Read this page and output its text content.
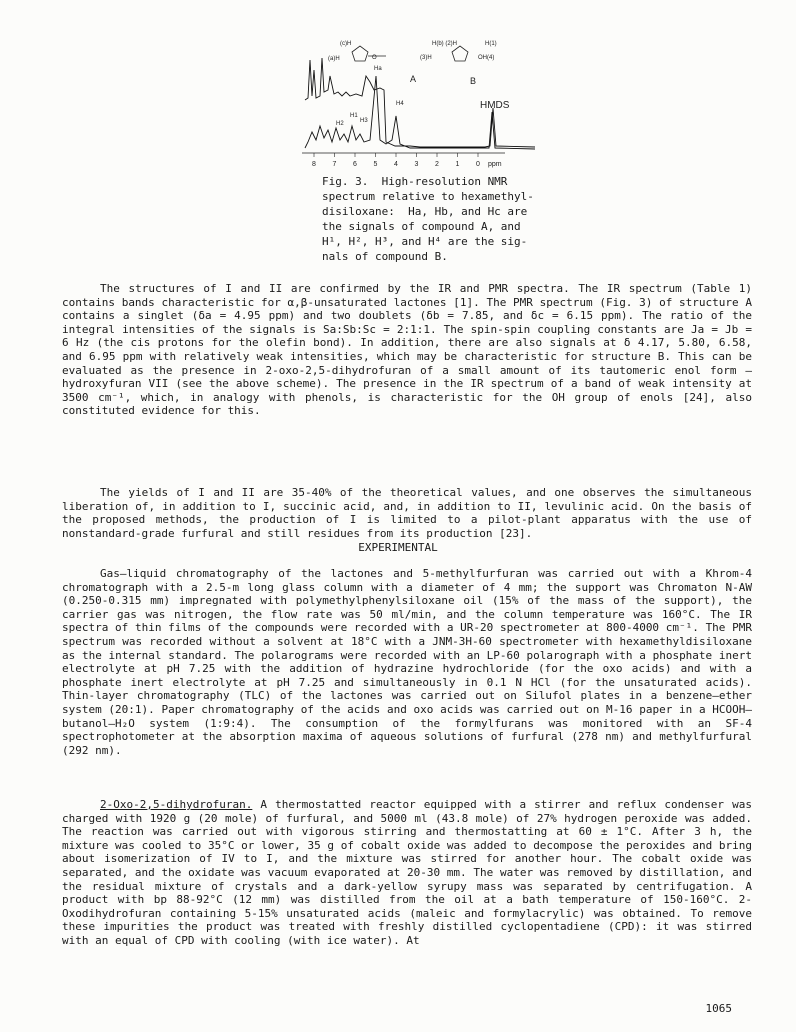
(c)H	H(b) (2)H	H(1)
(a)H	O	(3)H	OH(4)
A	B
Ha
H4
H1
H2	H3
HMDS
8 7 6 5 4 3 2 1 0 ppm
Fig. 3.  High-resolution NMR
spectrum relative to hexamethyl-
disiloxane:  Ha, Hb, and Hc are
the signals of compound A, and
H¹, H², H³, and H⁴ are the sig-
nals of compound B.

The structures of I and II are confirmed by the IR and PMR spectra. The IR spectrum (Table 1) contains bands characteristic for α,β-unsaturated lactones [1]. The PMR spectrum (Fig. 3) of structure A contains a singlet (δa = 4.95 ppm) and two doublets (δb = 7.85, and δc = 6.15 ppm). The ratio of the integral intensities of the signals is Sa:Sb:Sc = 2:1:1. The spin-spin coupling constants are Ja = Jb = 6 Hz (the cis protons for the olefin bond). In addition, there are also signals at δ 4.17, 5.80, 6.58, and 6.95 ppm with relatively weak intensities, which may be characteristic for structure B. This can be evaluated as the presence in 2-oxo-2,5-dihydrofuran of a small amount of its tautomeric enol form — hydroxyfuran VII (see the above scheme). The presence in the IR spectrum of a band of weak intensity at 3500 cm⁻¹, which, in analogy with phenols, is characteristic for the OH group of enols [24], also constituted evidence for this.

The yields of I and II are 35-40% of the theoretical values, and one observes the simultaneous liberation of, in addition to I, succinic acid, and, in addition to II, levulinic acid. On the basis of the proposed methods, the production of I is limited to a pilot-plant apparatus with the use of nonstandard-grade furfural and still residues from its production [23].

EXPERIMENTAL

Gas—liquid chromatography of the lactones and 5-methylfurfuran was carried out with a Khrom-4 chromatograph with a 2.5-m long glass column with a diameter of 4 mm; the support was Chromaton N-AW (0.250-0.315 mm) impregnated with polymethylphenylsiloxane oil (15% of the mass of the support), the carrier gas was nitrogen, the flow rate was 50 ml/min, and the column temperature was 160°C. The IR spectra of thin films of the compounds were recorded with a UR-20 spectrometer at 800-4000 cm⁻¹. The PMR spectrum was recorded without a solvent at 18°C with a JNM-3H-60 spectrometer with hexamethyldisiloxane as the internal standard. The polarograms were recorded with an LP-60 polarograph with a phosphate inert electrolyte at pH 7.25 with the addition of hydrazine hydrochloride (for the oxo acids) and with a phosphate inert electrolyte at pH 7.25 and simultaneously in 0.1 N HCl (for the unsaturated acids). Thin-layer chromatography (TLC) of the lactones was carried out on Silufol plates in a benzene—ether system (20:1). Paper chromatography of the acids and oxo acids was carried out on M-16 paper in a HCOOH—butanol—H₂O system (1:9:4). The consumption of the formylfurans was monitored with an SF-4 spectrophotometer at the absorption maxima of aqueous solutions of furfural (278 nm) and methylfurfural (292 nm).

2-Oxo-2,5-dihydrofuran. A thermostatted reactor equipped with a stirrer and reflux condenser was charged with 1920 g (20 mole) of furfural, and 5000 ml (43.8 mole) of 27% hydrogen peroxide was added. The reaction was carried out with vigorous stirring and thermostatting at 60 ± 1°C. After 3 h, the mixture was cooled to 35°C or lower, 35 g of cobalt oxide was added to decompose the peroxides and bring about isomerization of IV to I, and the mixture was stirred for another hour. The cobalt oxide was separated, and the oxidate was vacuum evaporated at 20-30 mm. The water was removed by distillation, and the residual mixture of crystals and a dark-yellow syrupy mass was separated by centrifugation. A product with bp 88-92°C (12 mm) was distilled from the oil at a bath temperature of 150-160°C. 2-Oxodihydrofuran containing 5-15% unsaturated acids (maleic and formylacrylic) was obtained. To remove these impurities the product was treated with freshly distilled cyclopentadiene (CPD): it was stirred with an equal of CPD with cooling (with ice water). At

1065
